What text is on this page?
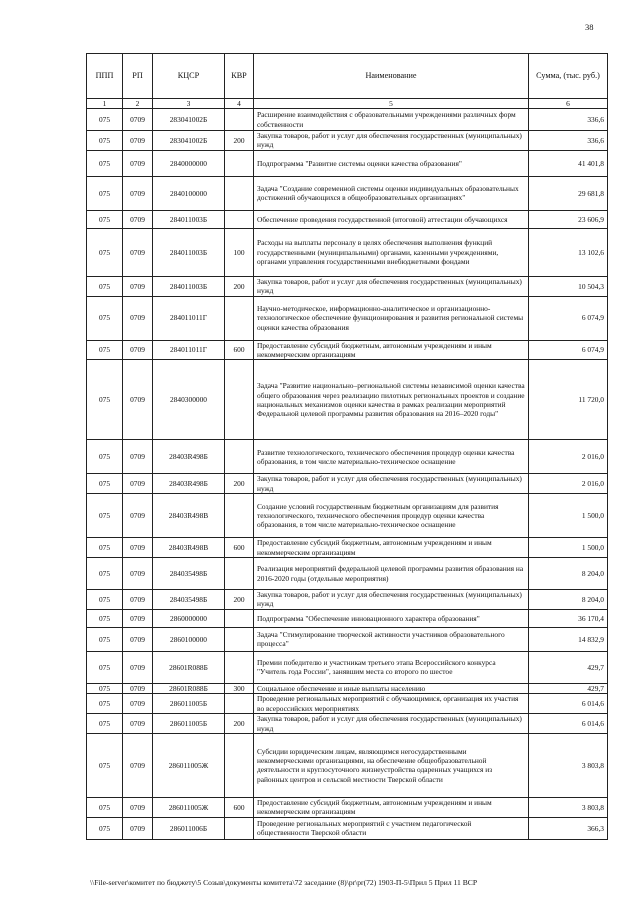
38
ППП	РП	КЦСР	КВР	Наименование	Сумма, (тыс. руб.)
1	2	3	4	5	6
075	0709	283041002Б		Расширение взаимодействия с образовательными учреждениями различных форм собственности	336,6
075	0709	283041002Б	200	Закупка товаров, работ и услуг для обеспечения государственных (муниципальных) нужд	336,6
075	0709	2840000000		Подпрограмма "Развитие системы оценки качества образования"	41 401,8
075	0709	2840100000		Задача "Создание современной системы оценки индивидуальных образовательных достижений обучающихся в общеобразовательных организациях"	29 681,8
075	0709	284011003Б		Обеспечение проведения государственной (итоговой) аттестации обучающихся	23 606,9
075	0709	284011003Б	100	Расходы на выплаты персоналу в целях обеспечения выполнения функций государственными (муниципальными) органами, казенными учреждениями, органами управления государственными внебюджетными фондами	13 102,6
075	0709	284011003Б	200	Закупка товаров, работ и услуг для обеспечения государственных (муниципальных) нужд	10 504,3
075	0709	284011011Г		Научно-методическое, информационно-аналитическое и организационно-технологическое обеспечение функционирования и развития региональной системы оценки качества образования	6 074,9
075	0709	284011011Г	600	Предоставление субсидий бюджетным, автономным учреждениям и иным некоммерческим организациям	6 074,9
075	0709	2840300000		Задача "Развитие национально–региональной системы независимой оценки качества общего образования через реализацию пилотных региональных проектов и создание национальных механизмов оценки качества в рамках реализации мероприятий Федеральной целевой программы развития образования на 2016–2020 годы"	11 720,0
075	0709	28403R498Б		Развитие технологического, технического обеспечения процедур оценки качества образования, в том числе материально-техническое оснащение	2 016,0
075	0709	28403R498Б	200	Закупка товаров, работ и услуг для обеспечения государственных (муниципальных) нужд	2 016,0
075	0709	28403R498В		Создание условий государственным бюджетным организациям для развития технологического, технического обеспечения процедур оценки качества образования, в том числе материально-техническое оснащение	1 500,0
075	0709	28403R498В	600	Предоставление субсидий бюджетным, автономным учреждениям и иным некоммерческим организациям	1 500,0
075	0709	284035498Б		Реализация мероприятий федеральной целевой программы развития образования на 2016-2020 годы (отдельные мероприятия)	8 204,0
075	0709	284035498Б	200	Закупка товаров, работ и услуг для обеспечения государственных (муниципальных) нужд	8 204,0
075	0709	2860000000		Подпрограмма "Обеспечение инновационного характера образования"	36 170,4
075	0709	2860100000		Задача "Стимулирование творческой активности участников образовательного процесса"	14 832,9
075	0709	28601R088Б		Премии победителю и участникам третьего этапа Всероссийского конкурса "Учитель года России", занявшим места со второго по шестое	429,7
075	0709	28601R088Б	300	Социальное обеспечение и иные выплаты населению	429,7
075	0709	286011005Б		Проведение региональных мероприятий с обучающимися, организация их участия во всероссийских мероприятиях	6 014,6
075	0709	286011005Б	200	Закупка товаров, работ и услуг для обеспечения государственных (муниципальных) нужд	6 014,6
075	0709	286011005Ж		Субсидии юридическим лицам, являющимся негосударственными некоммерческими организациями, на обеспечение общеобразовательной деятельности и круглосуточного жизнеустройства одаренных учащихся из районных центров и сельской местности Тверской области	3 803,8
075	0709	286011005Ж	600	Предоставление субсидий бюджетным, автономным учреждениям и иным некоммерческим организациям	3 803,8
075	0709	286011006Б		Проведение региональных мероприятий с участием педагогической общественности Тверской области	366,3
\\File-server\комитет по бюджету\5 Созыв\документы комитета\72 заседание (8)\pr\pr(72) 1903-П-5\Прил 5 Прил 11 ВСР
